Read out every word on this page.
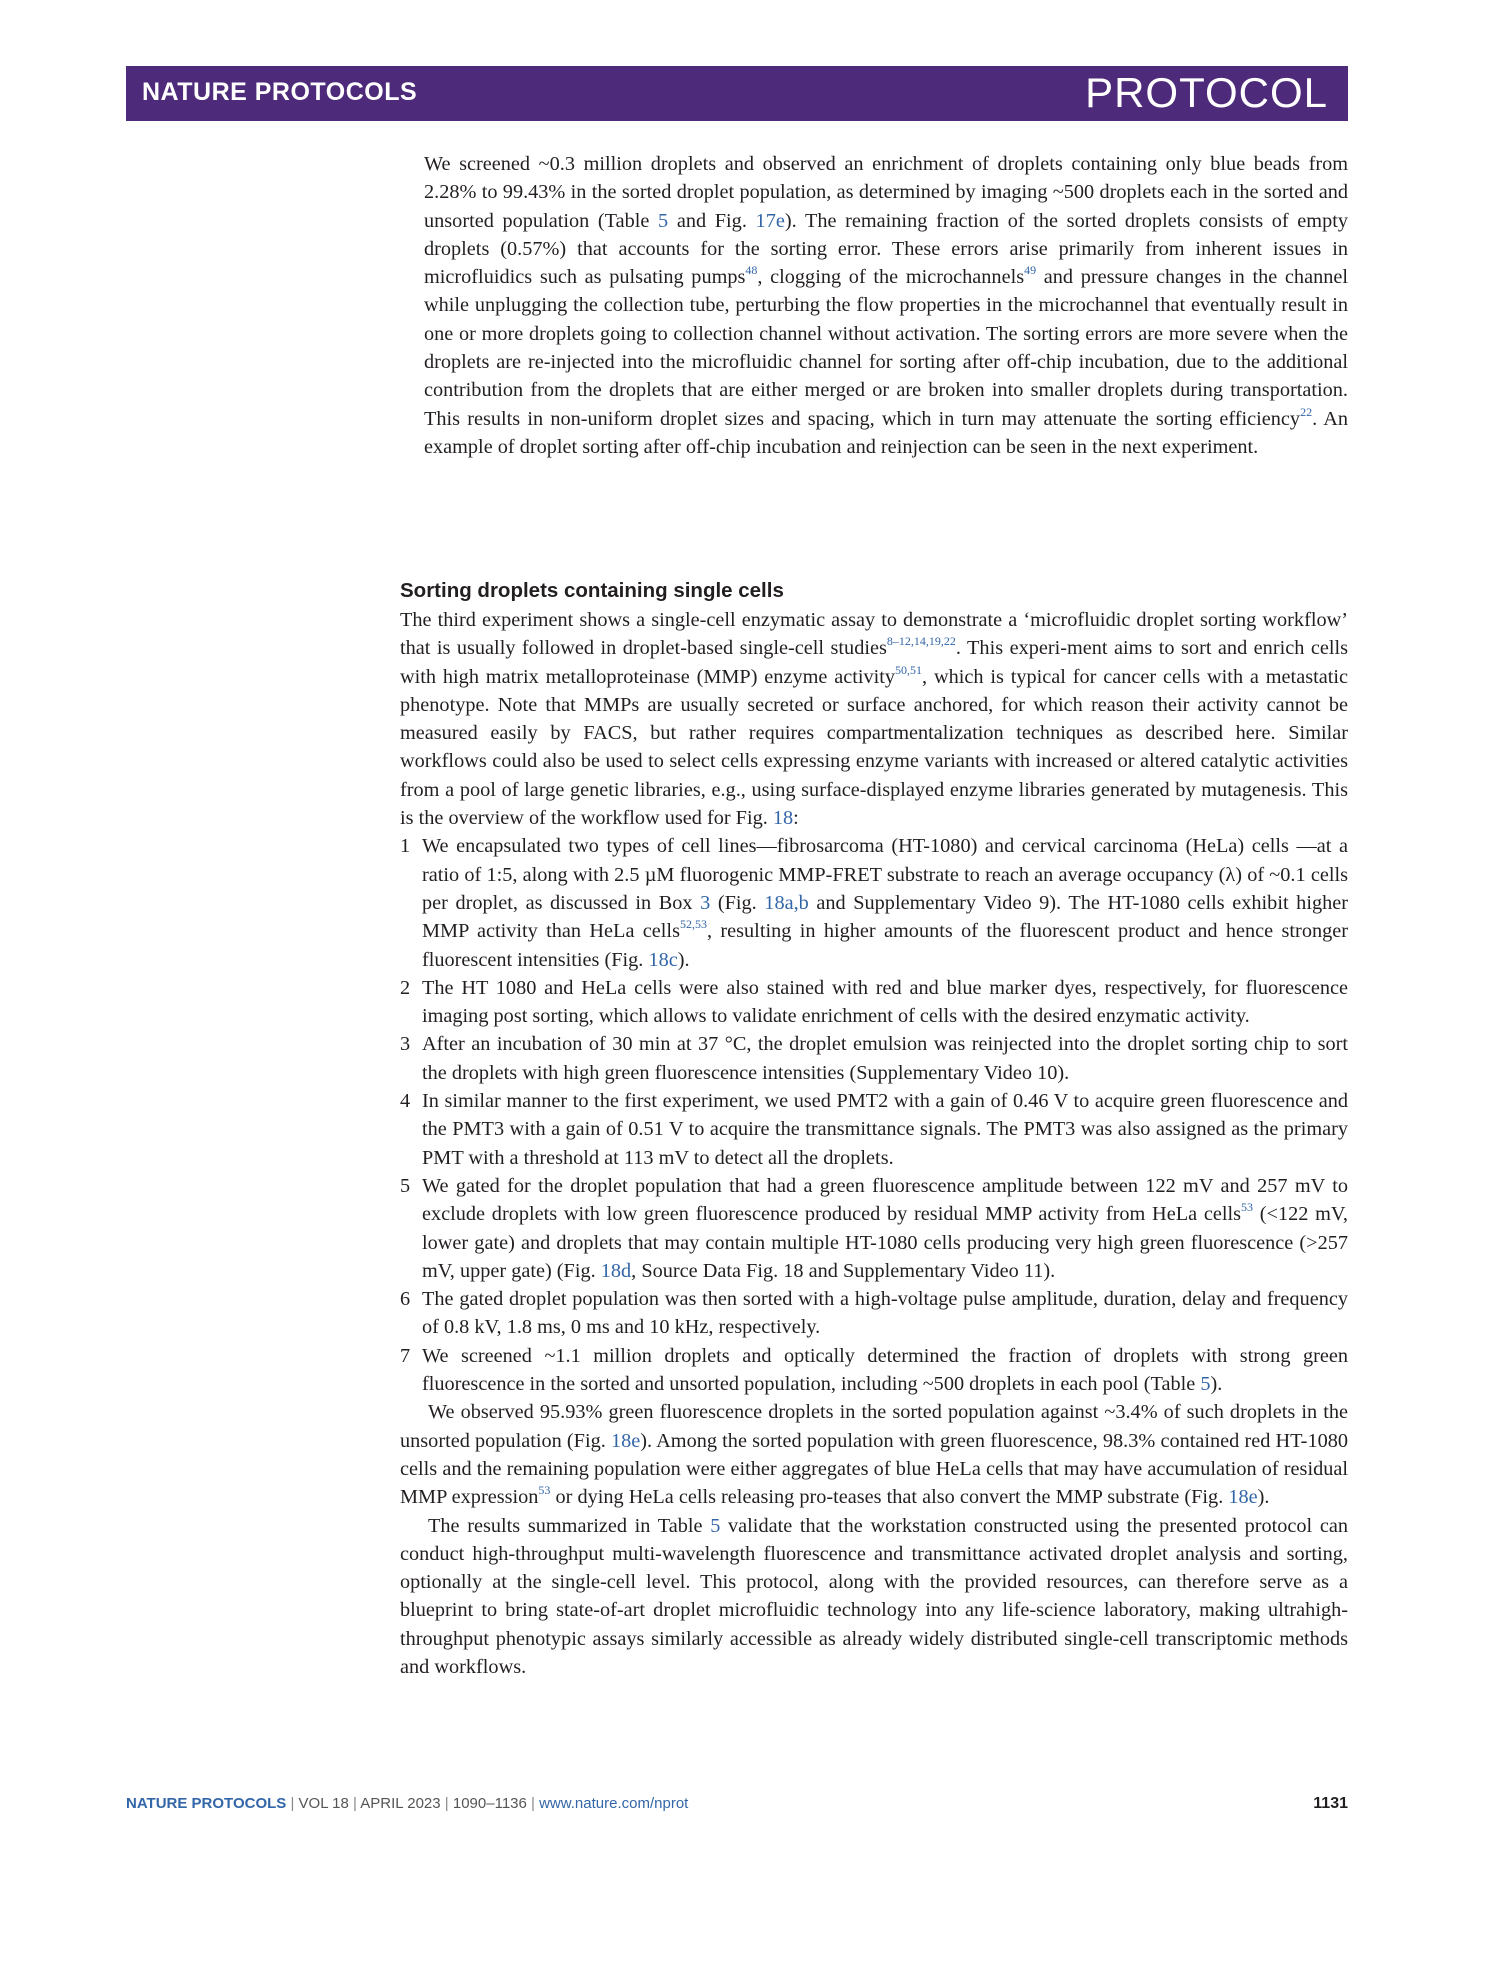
NATURE PROTOCOLS	PROTOCOL

We screened ~0.3 million droplets and observed an enrichment of droplets containing only blue beads from 2.28% to 99.43% in the sorted droplet population, as determined by imaging ~500 droplets each in the sorted and unsorted population (Table 5 and Fig. 17e). The remaining fraction of the sorted droplets consists of empty droplets (0.57%) that accounts for the sorting error. These errors arise primarily from inherent issues in microfluidics such as pulsating pumps$^{48}$, clogging of the microchannels$^{49}$ and pressure changes in the channel while unplugging the collection tube, perturbing the flow properties in the microchannel that eventually result in one or more droplets going to collection channel without activation. The sorting errors are more severe when the droplets are re-injected into the microfluidic channel for sorting after off-chip incubation, due to the additional contribution from the droplets that are either merged or are broken into smaller droplets during transportation. This results in non-uniform droplet sizes and spacing, which in turn may attenuate the sorting efficiency$^{22}$. An example of droplet sorting after off-chip incubation and reinjection can be seen in the next experiment.

Sorting droplets containing single cells

The third experiment shows a single-cell enzymatic assay to demonstrate a ‘microfluidic droplet sorting workflow’ that is usually followed in droplet-based single-cell studies$^{8-12,14,19,22}$. This experi-ment aims to sort and enrich cells with high matrix metalloproteinase (MMP) enzyme activity$^{50,51}$, which is typical for cancer cells with a metastatic phenotype. Note that MMPs are usually secreted or surface anchored, for which reason their activity cannot be measured easily by FACS, but rather requires compartmentalization techniques as described here. Similar workflows could also be used to select cells expressing enzyme variants with increased or altered catalytic activities from a pool of large genetic libraries, e.g., using surface-displayed enzyme libraries generated by mutagenesis. This is the overview of the workflow used for Fig. 18:

1 We encapsulated two types of cell lines—fibrosarcoma (HT-1080) and cervical carcinoma (HeLa) cells —at a ratio of 1:5, along with 2.5 µM fluorogenic MMP-FRET substrate to reach an average occupancy (λ) of ~0.1 cells per droplet, as discussed in Box 3 (Fig. 18a,b and Supplementary Video 9). The HT-1080 cells exhibit higher MMP activity than HeLa cells$^{52,53}$, resulting in higher amounts of the fluorescent product and hence stronger fluorescent intensities (Fig. 18c).
2 The HT 1080 and HeLa cells were also stained with red and blue marker dyes, respectively, for fluorescence imaging post sorting, which allows to validate enrichment of cells with the desired enzymatic activity.
3 After an incubation of 30 min at 37 °C, the droplet emulsion was reinjected into the droplet sorting chip to sort the droplets with high green fluorescence intensities (Supplementary Video 10).
4 In similar manner to the first experiment, we used PMT2 with a gain of 0.46 V to acquire green fluorescence and the PMT3 with a gain of 0.51 V to acquire the transmittance signals. The PMT3 was also assigned as the primary PMT with a threshold at 113 mV to detect all the droplets.
5 We gated for the droplet population that had a green fluorescence amplitude between 122 mV and 257 mV to exclude droplets with low green fluorescence produced by residual MMP activity from HeLa cells$^{53}$ (<122 mV, lower gate) and droplets that may contain multiple HT-1080 cells producing very high green fluorescence (>257 mV, upper gate) (Fig. 18d, Source Data Fig. 18 and Supplementary Video 11).
6 The gated droplet population was then sorted with a high-voltage pulse amplitude, duration, delay and frequency of 0.8 kV, 1.8 ms, 0 ms and 10 kHz, respectively.
7 We screened ~1.1 million droplets and optically determined the fraction of droplets with strong green fluorescence in the sorted and unsorted population, including ~500 droplets in each pool (Table 5).

We observed 95.93% green fluorescence droplets in the sorted population against ~3.4% of such droplets in the unsorted population (Fig. 18e). Among the sorted population with green fluorescence, 98.3% contained red HT-1080 cells and the remaining population were either aggregates of blue HeLa cells that may have accumulation of residual MMP expression$^{53}$ or dying HeLa cells releasing pro-teases that also convert the MMP substrate (Fig. 18e).

The results summarized in Table 5 validate that the workstation constructed using the presented protocol can conduct high-throughput multi-wavelength fluorescence and transmittance activated droplet analysis and sorting, optionally at the single-cell level. This protocol, along with the provided resources, can therefore serve as a blueprint to bring state-of-art droplet microfluidic technology into any life-science laboratory, making ultrahigh-throughput phenotypic assays similarly accessible as already widely distributed single-cell transcriptomic methods and workflows.

NATURE PROTOCOLS | VOL 18 | APRIL 2023 | 1090–1136 | www.nature.com/nprot	1131
